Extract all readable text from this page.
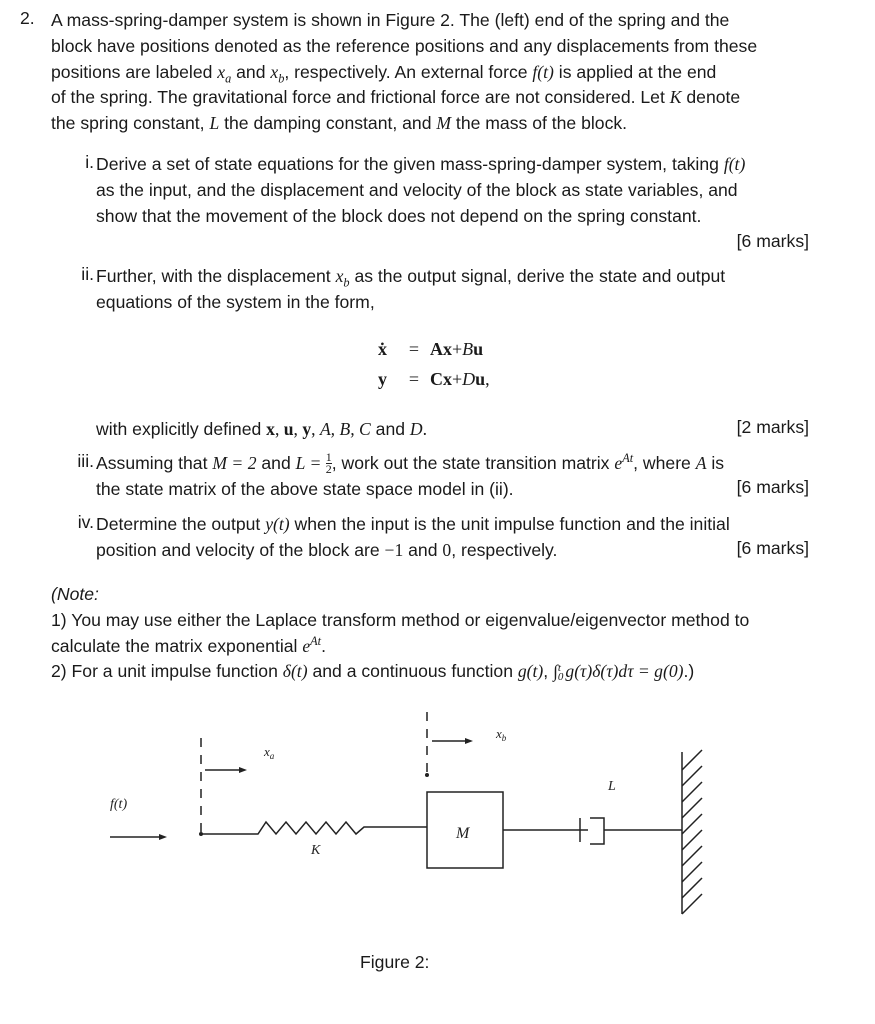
2. A mass-spring-damper system is shown in Figure 2. The (left) end of the spring and the
block have positions denoted as the reference positions and any displacements from these
positions are labeled $x_a$ and $x_b$, respectively. An external force f(t) is applied at the end
of the spring. The gravitational force and frictional force are not considered. Let K denote
the spring constant, L the damping constant, and M the mass of the block.
i. Derive a set of state equations for the given mass-spring-damper system, taking f(t)
as the input, and the displacement and velocity of the block as state variables, and
show that the movement of the block does not depend on the spring constant.
[6 marks]
ii. Further, with the displacement $x_b$ as the output signal, derive the state and output
equations of the system in the form,
ẋ	= Ax + B u
y	= Cx + D u ,
with explicitly defined x, u, y, A, B, C and D.	[2 marks]
iii. Assuming that M = 2 and $L = \frac{1}{2}$ , work out the state transition matrix $e^{At}$, where A is
the state matrix of the above state space model in (ii).	[6 marks]
iv. Determine the output y(t) when the input is the unit impulse function and the initial
position and velocity of the block are −1 and 0, respectively.	[6 marks]
(Note:
1) You may use either the Laplace transform method or eigenvalue/eigenvector method to
calculate the matrix exponential $e^{At}$.
2) For a unit impulse function δ(t) and a continuous function g(t), ∫ t
0 g(τ)δ(τ)dτ = g(0).)
f(t)
$x_a$
K
$x_b$
M
L
Figure 2:
